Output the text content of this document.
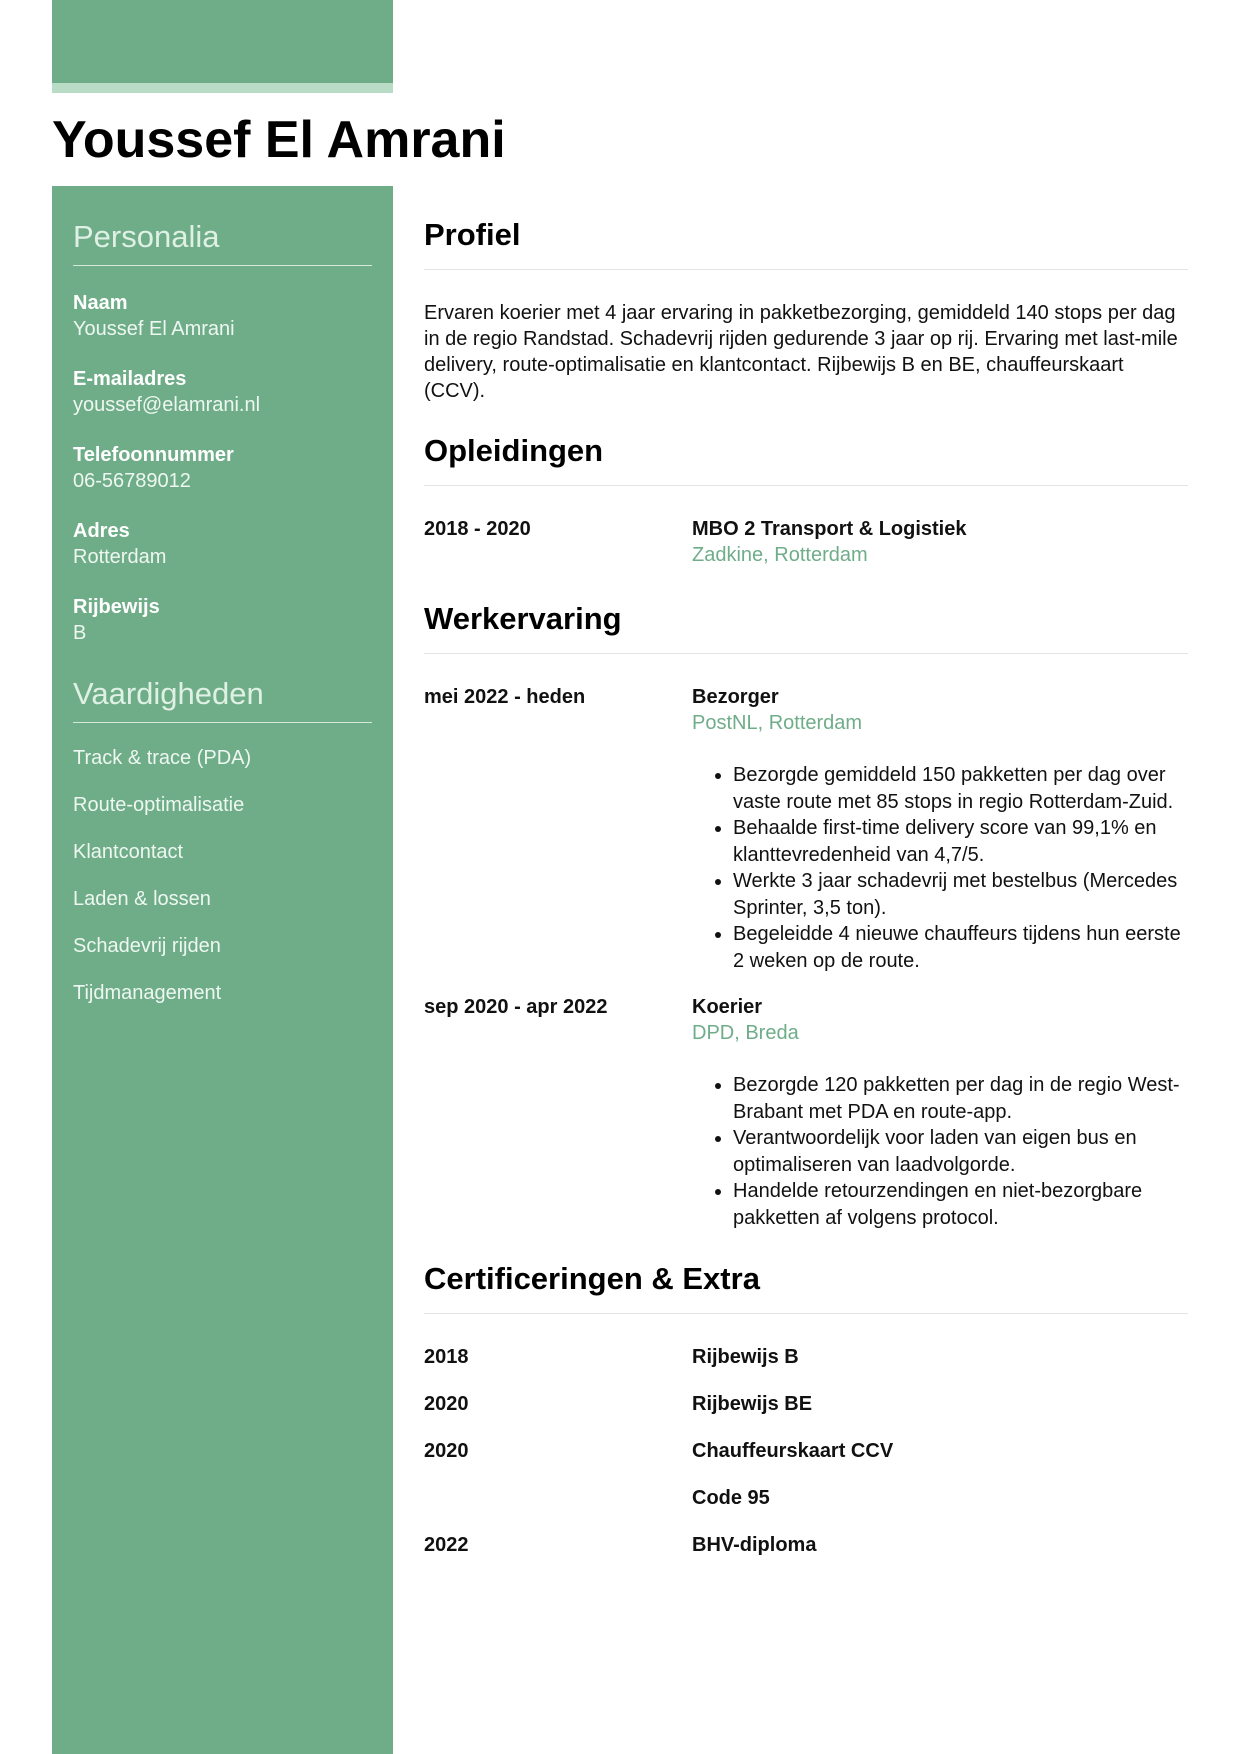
Youssef El Amrani
Personalia
Naam
Youssef El Amrani
E-mailadres
youssef@elamrani.nl
Telefoonnummer
06-56789012
Adres
Rotterdam
Rijbewijs
B
Vaardigheden
Track & trace (PDA)
Route-optimalisatie
Klantcontact
Laden & lossen
Schadevrij rijden
Tijdmanagement
Profiel

Ervaren koerier met 4 jaar ervaring in pakketbezorging, gemiddeld 140 stops per dag in de regio Randstad. Schadevrij rijden gedurende 3 jaar op rij. Ervaring met last-mile delivery, route-optimalisatie en klantcontact. Rijbewijs B en BE, chauffeurskaart (CCV).

Opleidingen
2018 - 2020	MBO 2 Transport & Logistiek
Zadkine, Rotterdam
Werkervaring
mei 2022 - heden	Bezorger
PostNL, Rotterdam
• Bezorgde gemiddeld 150 pakketten per dag over vaste route met 85 stops in regio Rotterdam-Zuid.
• Behaalde first-time delivery score van 99,1% en klanttevredenheid van 4,7/5.
• Werkte 3 jaar schadevrij met bestelbus (Mercedes Sprinter, 3,5 ton).
• Begeleidde 4 nieuwe chauffeurs tijdens hun eerste 2 weken op de route.
sep 2020 - apr 2022	Koerier
DPD, Breda
• Bezorgde 120 pakketten per dag in de regio West-Brabant met PDA en route-app.
• Verantwoordelijk voor laden van eigen bus en optimaliseren van laadvolgorde.
• Handelde retourzendingen en niet-bezorgbare pakketten af volgens protocol.
Certificeringen & Extra
2018	Rijbewijs B
2020	Rijbewijs BE
2020	Chauffeurskaart CCV
Code 95
2022	BHV-diploma
